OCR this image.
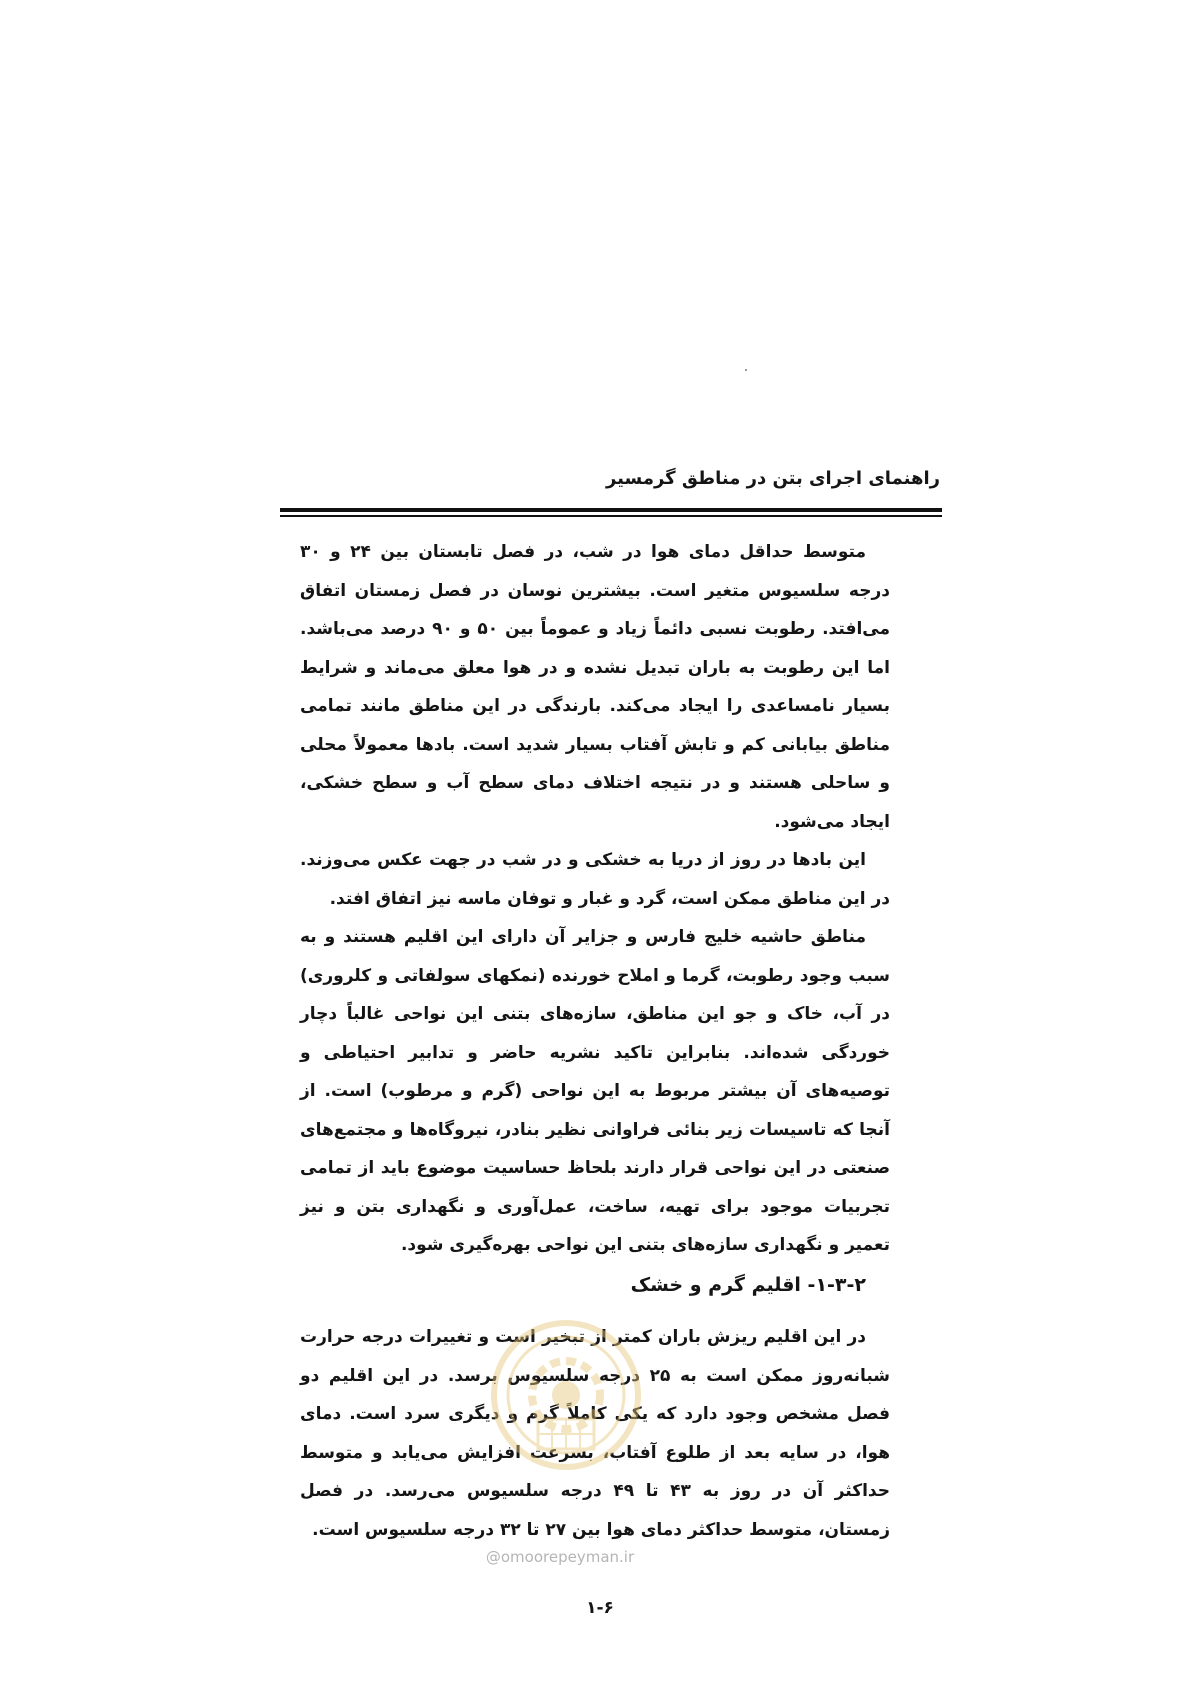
راهنمای اجرای بتن در مناطق گرمسیر

متوسط حداقل دمای هوا در شب، در فصل تابستان بین ۲۴ و ۳۰ درجه سلسیوس متغیر است. بیشترین نوسان در فصل زمستان اتفاق می‌افتد. رطوبت نسبی دائماً زیاد و عموماً بین ۵۰ و ۹۰ درصد می‌باشد. اما این رطوبت به باران تبدیل نشده و در هوا معلق می‌ماند و شرایط بسیار نامساعدی را ایجاد می‌کند. بارندگی در این مناطق مانند تمامی مناطق بیابانی کم و تابش آفتاب بسیار شدید است. بادها معمولاً محلی و ساحلی هستند و در نتیجه اختلاف دمای سطح آب و سطح خشکی، ایجاد می‌شود.

این بادها در روز از دریا به خشکی و در شب در جهت عکس می‌وزند. در این مناطق ممکن است، گرد و غبار و توفان ماسه نیز اتفاق افتد.

مناطق حاشیه خلیج فارس و جزایر آن دارای این اقلیم هستند و به سبب وجود رطوبت، گرما و املاح خورنده (نمکهای سولفاتی و کلروری) در آب، خاک و جو این مناطق، سازه‌های بتنی این نواحی غالباً دچار خوردگی شده‌اند. بنابراین تاکید نشریه حاضر و تدابیر احتیاطی و توصیه‌های آن بیشتر مربوط به این نواحی (گرم و مرطوب) است. از آنجا که تاسیسات زیر بنائی فراوانی نظیر بنادر، نیروگاه‌ها و مجتمع‌های صنعتی در این نواحی قرار دارند بلحاظ حساسیت موضوع باید از تمامی تجربیات موجود برای تهیه، ساخت، عمل‌آوری و نگهداری بتن و نیز تعمیر و نگهداری سازه‌های بتنی این نواحی بهره‌گیری شود.

۱-۳-۲- اقلیم گرم و خشک

در این اقلیم ریزش باران کمتر از تبخیر است و تغییرات درجه حرارت شبانه‌روز ممکن است به ۲۵ درجه سلسیوس برسد. در این اقلیم دو فصل مشخص وجود دارد که یکی کاملاً گرم و دیگری سرد است. دمای هوا، در سایه بعد از طلوع آفتاب، بسرعت افزایش می‌یابد و متوسط حداکثر آن در روز به ۴۳ تا ۴۹ درجه سلسیوس می‌رسد. در فصل زمستان، متوسط حداکثر دمای هوا بین ۲۷ تا ۳۲ درجه سلسیوس است.

@omoorepeyman.ir
۱-۶
